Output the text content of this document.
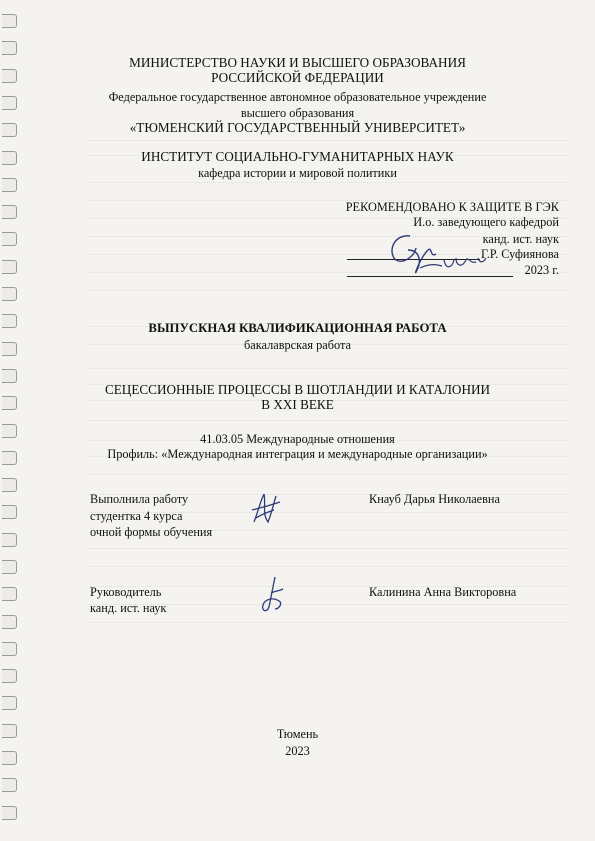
МИНИСТЕРСТВО НАУКИ И ВЫСШЕГО ОБРАЗОВАНИЯ
РОССИЙСКОЙ ФЕДЕРАЦИИ
Федеральное государственное автономное образовательное учреждение
высшего образования
«ТЮМЕНСКИЙ ГОСУДАРСТВЕННЫЙ УНИВЕРСИТЕТ»
ИНСТИТУТ СОЦИАЛЬНО-ГУМАНИТАРНЫХ НАУК
кафедра истории и мировой политики
РЕКОМЕНДОВАНО К ЗАЩИТЕ В ГЭК
И.о. заведующего кафедрой
канд. ист. наук
Г.Р. Суфиянова
2023 г.
ВЫПУСКНАЯ КВАЛИФИКАЦИОННАЯ РАБОТА
бакалаврская работа
СЕЦЕССИОННЫЕ ПРОЦЕССЫ В ШОТЛАНДИИ И КАТАЛОНИИ
В XXI ВЕКЕ
41.03.05 Международные отношения
Профиль: «Международная интеграция и международные организации»
Выполнила работу
студентка 4 курса
очной формы обучения
Кнауб Дарья Николаевна
Руководитель
канд. ист. наук
Калинина Анна Викторовна
Тюмень
2023
